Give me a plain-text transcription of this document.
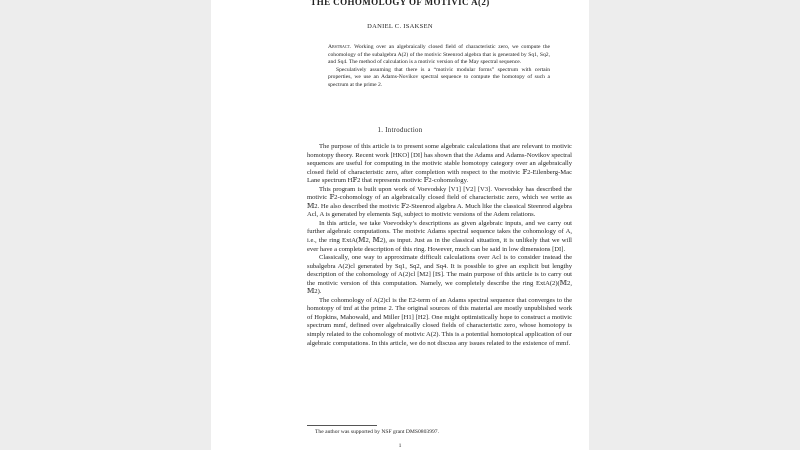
THE COHOMOLOGY OF MOTIVIC A(2)
DANIEL C. ISAKSEN

Abstract. Working over an algebraically closed field of characteristic zero, we compute the cohomology of the subalgebra A(2) of the motivic Steenrod algebra that is generated by Sq1, Sq2, and Sq4. The method of calculation is a motivic version of the May spectral sequence.

Speculatively assuming that there is a “motivic modular forms” spectrum with certain properties, we use an Adams-Novikov spectral sequence to compute the homotopy of such a spectrum at the prime 2.

1. Introduction

The purpose of this article is to present some algebraic calculations that are relevant to motivic homotopy theory. Recent work [HKO] [DI] has shown that the Adams and Adams-Novikov spectral sequences are useful for computing in the motivic stable homotopy category over an algebraically closed field of characteristic zero, after completion with respect to the motivic 𝔽2-Eilenberg-Mac Lane spectrum H𝔽2 that represents motivic 𝔽2-cohomology.

This program is built upon work of Voevodsky [V1] [V2] [V3]. Voevodsky has described the motivic 𝔽2-cohomology of an algebraically closed field of characteristic zero, which we write as 𝕄2. He also described the motivic 𝔽2-Steenrod algebra A. Much like the classical Steenrod algebra Acl, A is generated by elements Sqi, subject to motivic versions of the Adem relations.

In this article, we take Voevodsky’s descriptions as given algebraic inputs, and we carry out further algebraic computations. The motivic Adams spectral sequence takes the cohomology of A, i.e., the ring ExtA(𝕄2, 𝕄2), as input. Just as in the classical situation, it is unlikely that we will ever have a complete description of this ring. However, much can be said in low dimensions [DI].

Classically, one way to approximate difficult calculations over Acl is to consider instead the subalgebra A(2)cl generated by Sq1, Sq2, and Sq4. It is possible to give an explicit but lengthy description of the cohomology of A(2)cl [M2] [IS]. The main purpose of this article is to carry out the motivic version of this computation. Namely, we completely describe the ring ExtA(2)(𝕄2, 𝕄2).

The cohomology of A(2)cl is the E2-term of an Adams spectral sequence that converges to the homotopy of tmf at the prime 2. The original sources of this material are mostly unpublished work of Hopkins, Mahowald, and Miller [H1] [H2]. One might optimistically hope to construct a motivic spectrum mmf, defined over algebraically closed fields of characteristic zero, whose homotopy is simply related to the cohomology of motivic A(2). This is a potential homotopical application of our algebraic computations. In this article, we do not discuss any issues related to the existence of mmf.

The author was supported by NSF grant DMS0803997.
1
